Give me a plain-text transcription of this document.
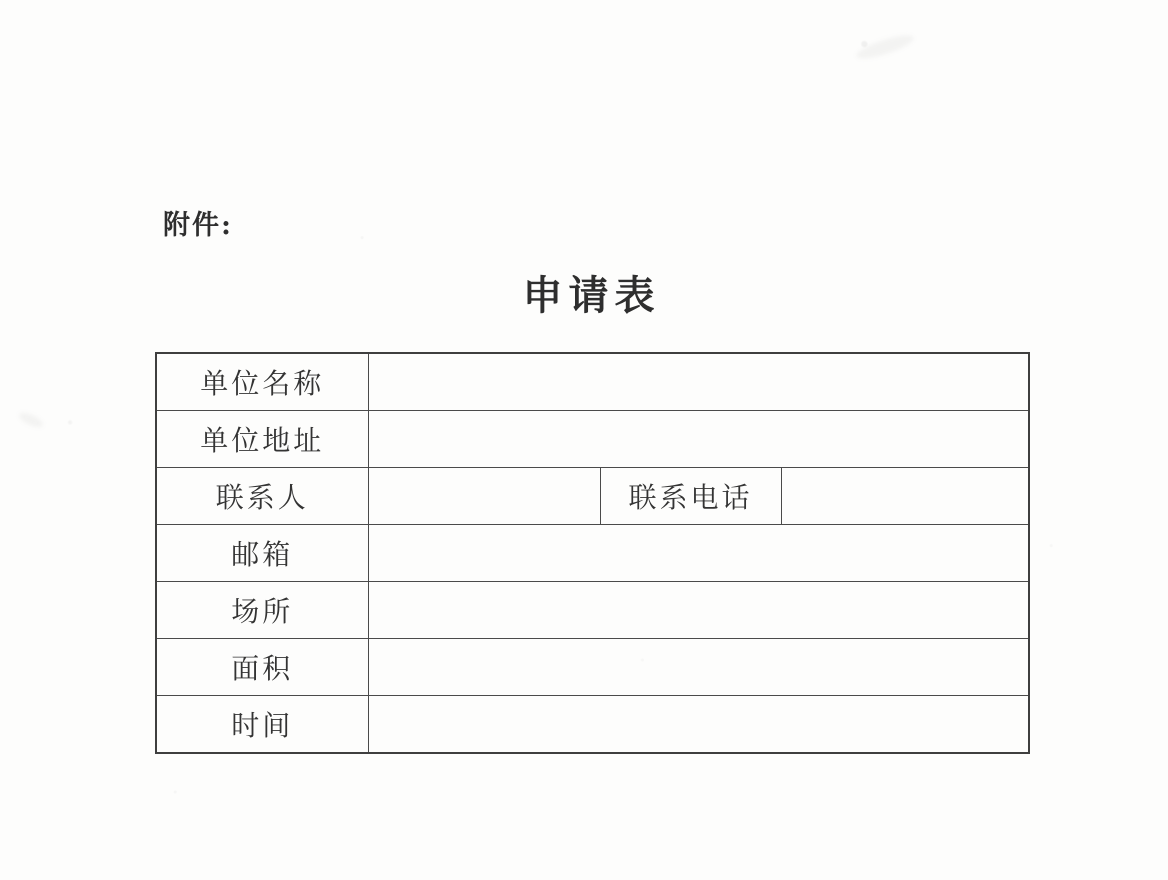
附件:
申请表
单位名称			
单位地址			
联系人		联系电话	
邮箱			
场所			
面积			
时间			
